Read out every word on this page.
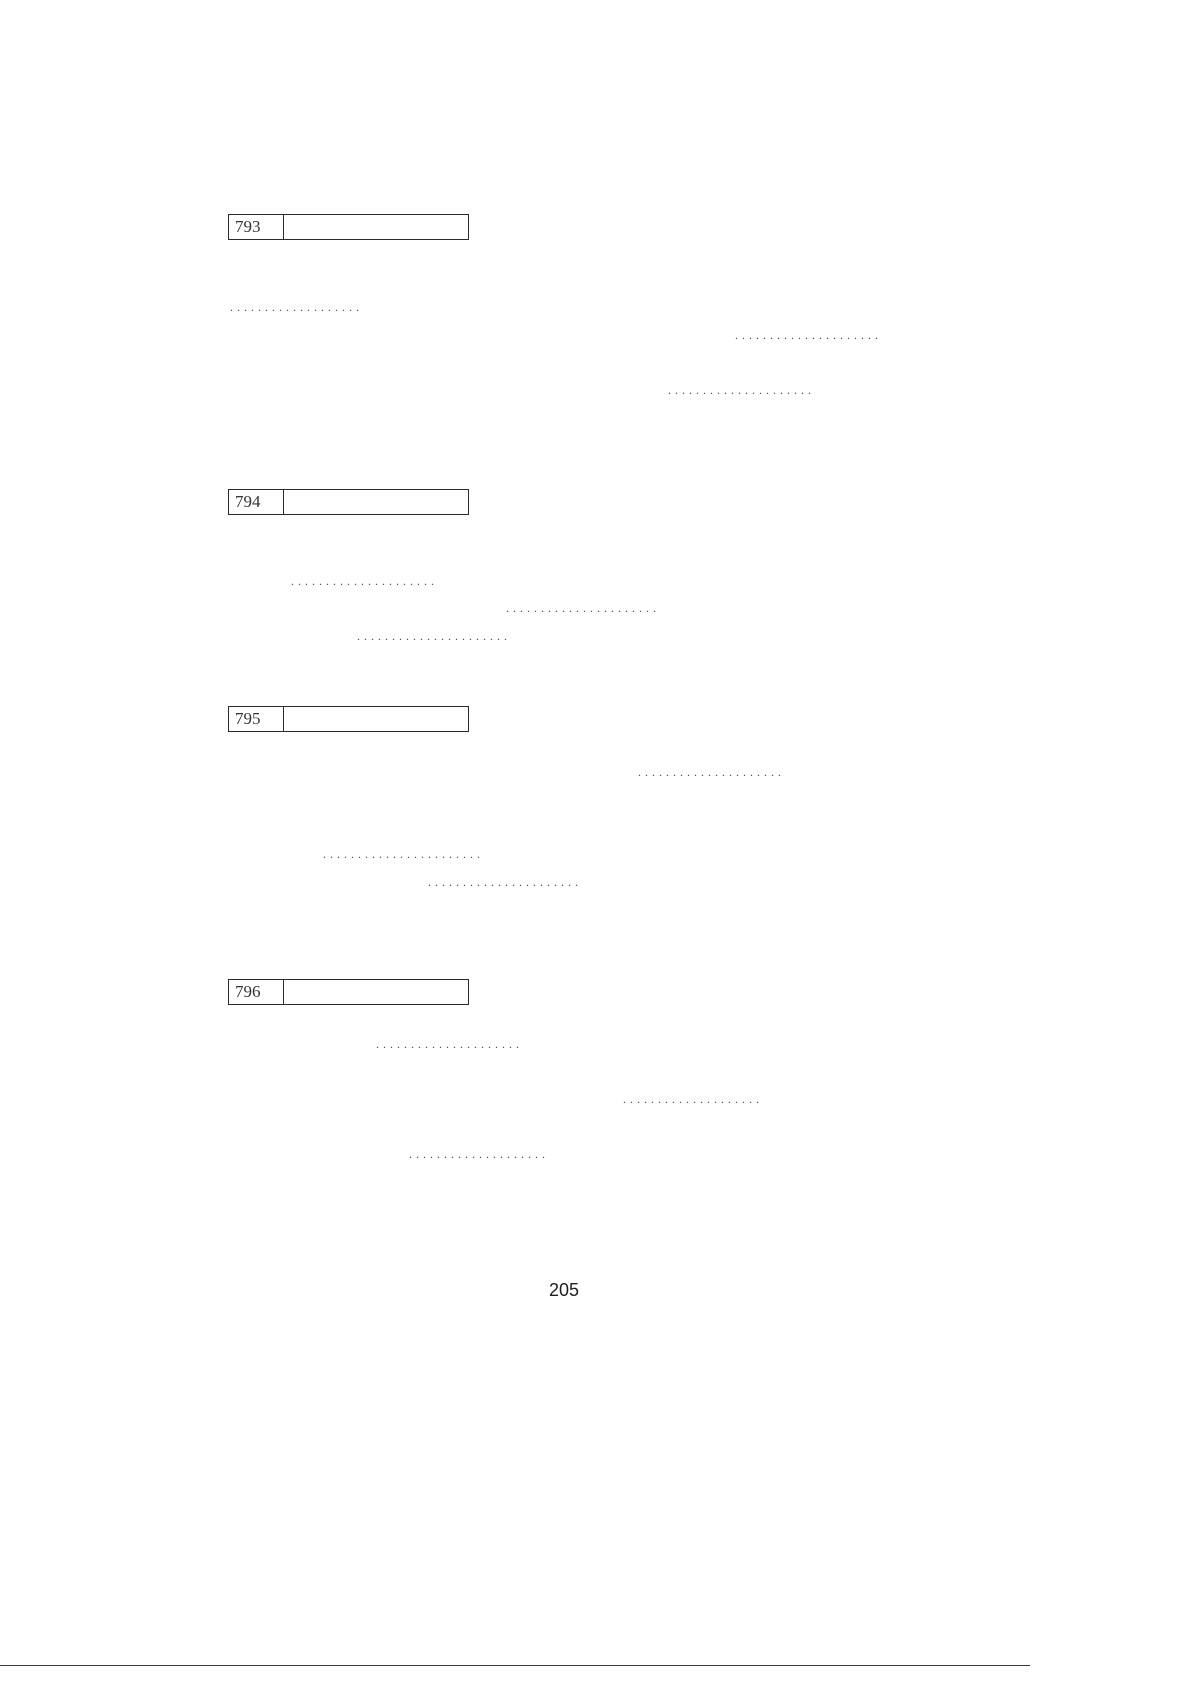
793
...................
.....................
.....................
794
.....................
......................
......................
795
.....................
.......................
......................
796
.....................
....................
....................
205
